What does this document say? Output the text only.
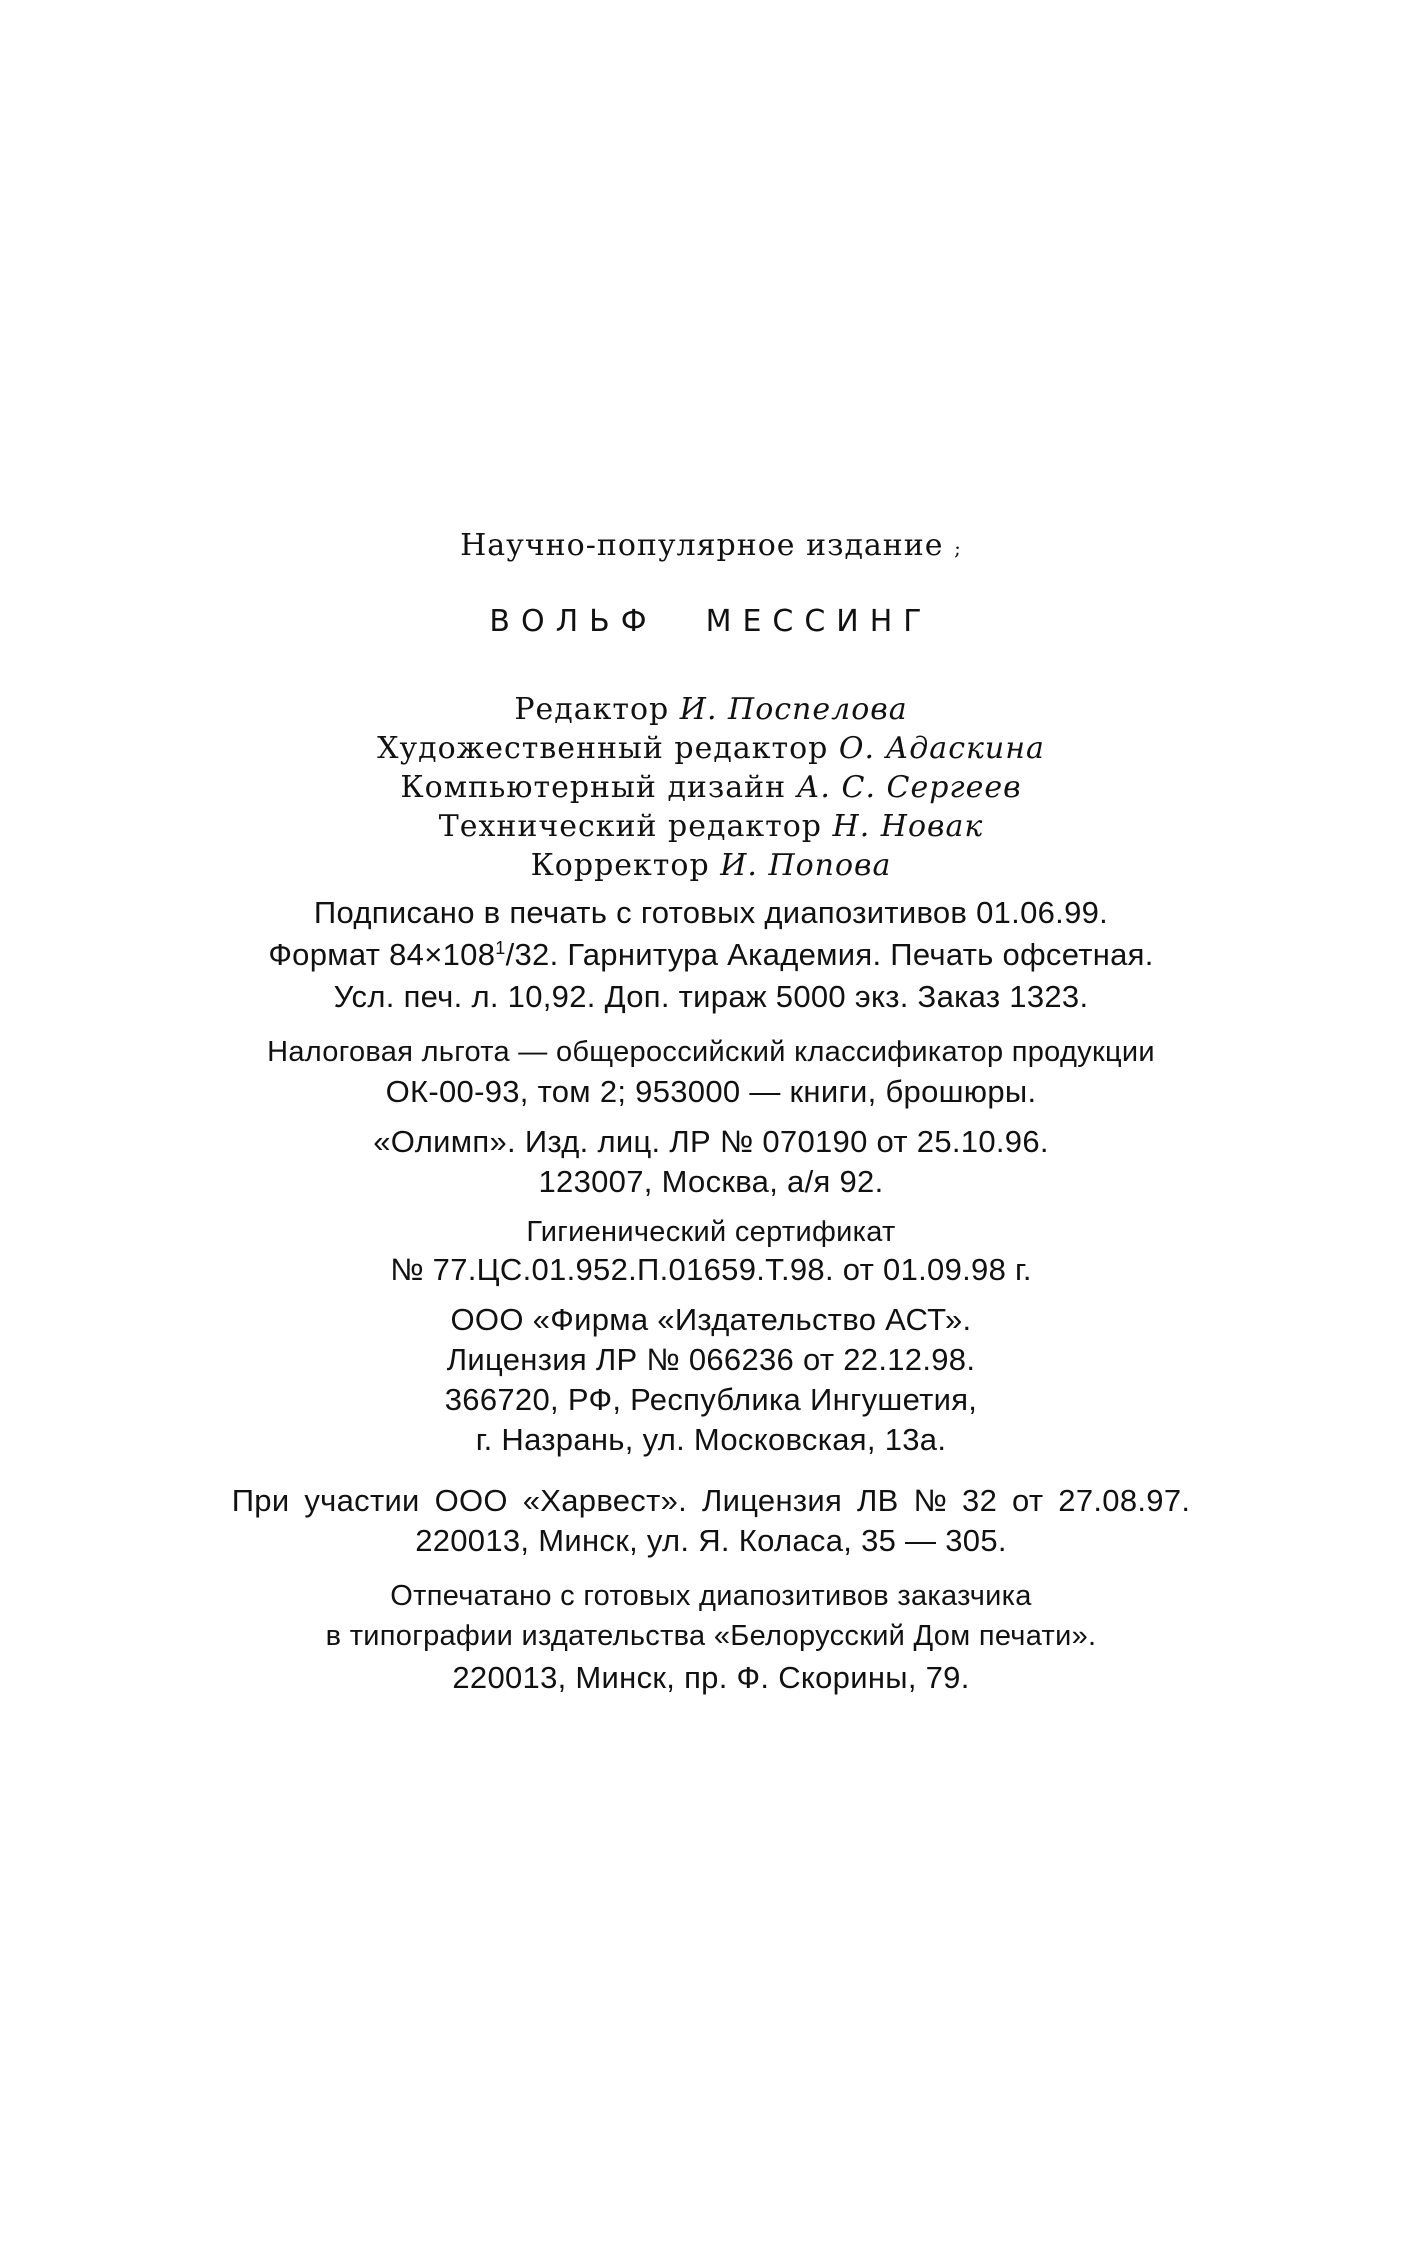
Научно-популярное издание ;
ВОЛЬФ МЕССИНГ
Редактор И. Поспелова
Художественный редактор О. Адаскина
Компьютерный дизайн А. С. Сергеев
Технический редактор Н. Новак
Корректор И. Попова
Подписано в печать с готовых диапозитивов 01.06.99.
Формат $84\times 108^1/32$. Гарнитура Академия. Печать офсетная.
Усл. печ. л. 10,92. Доп. тираж 5000 экз. Заказ 1323.
Налоговая льгота — общероссийский классификатор продукции
ОК-00-93, том 2; 953000 — книги, брошюры.
«Олимп». Изд. лиц. ЛР № 070190 от 25.10.96.
123007, Москва, а/я 92.
Гигиенический сертификат
№ 77.ЦС.01.952.П.01659.Т.98. от 01.09.98 г.
ООО «Фирма «Издательство АСТ».
Лицензия ЛР № 066236 от 22.12.98.
366720, РФ, Республика Ингушетия,
г. Назрань, ул. Московская, 13а.
При участии ООО «Харвест». Лицензия ЛВ № 32 от 27.08.97.
220013, Минск, ул. Я. Коласа, 35 — 305.
Отпечатано с готовых диапозитивов заказчика
в типографии издательства «Белорусский Дом печати».
220013, Минск, пр. Ф. Скорины, 79.
